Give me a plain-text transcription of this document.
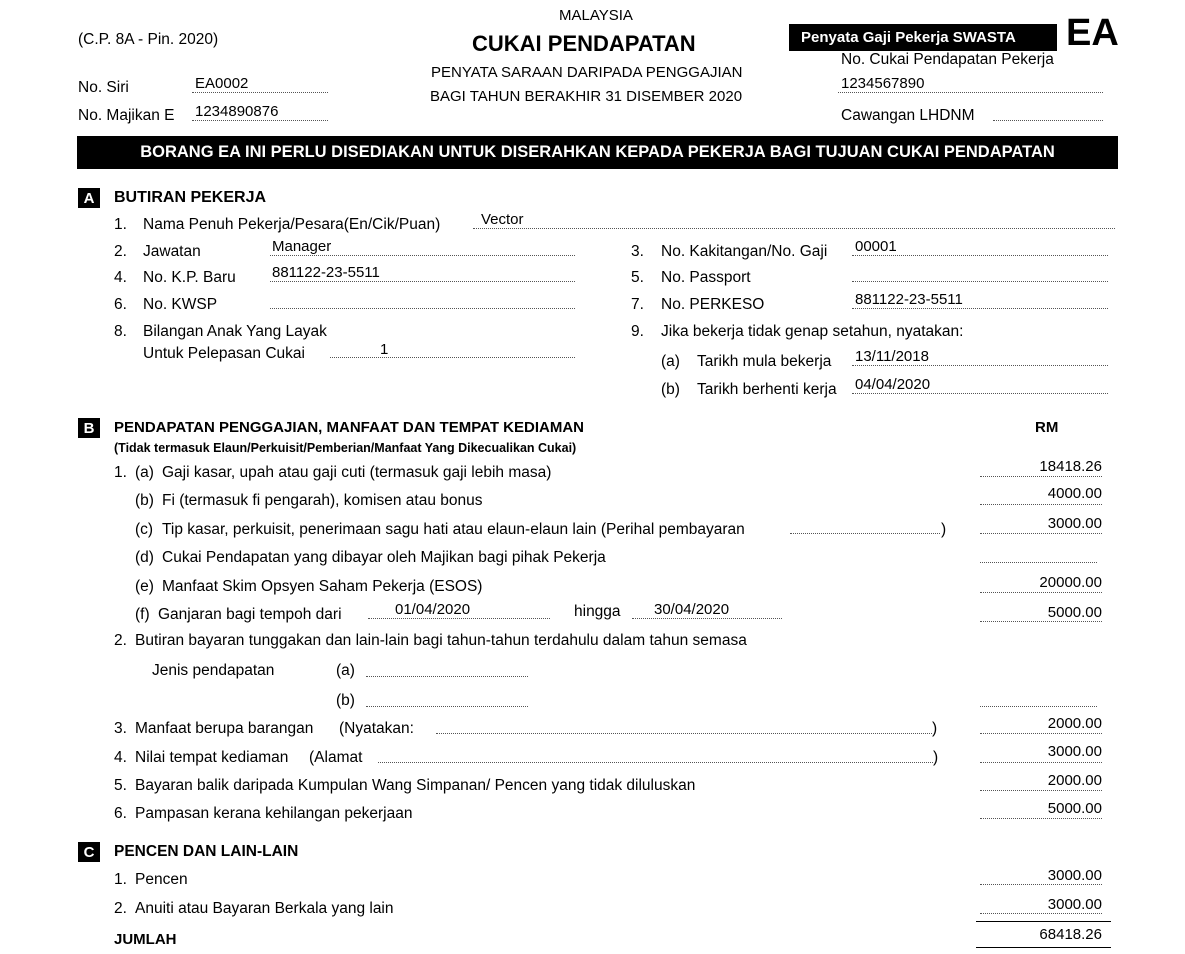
(C.P. 8A - Pin. 2020)
MALAYSIA
CUKAI PENDAPATAN
PENYATA SARAAN DARIPADA PENGGAJIAN
BAGI TAHUN BERAKHIR 31 DISEMBER 2020
Penyata Gaji Pekerja SWASTA	EA
No. Siri	EA0002
No. Majikan E 1234890876
No. Cukai Pendapatan Pekerja
1234567890
Cawangan LHDNM
BORANG EA INI PERLU DISEDIAKAN UNTUK DISERAHKAN KEPADA PEKERJA BAGI TUJUAN CUKAI PENDAPATAN
A	BUTIRAN PEKERJA
1. Nama Penuh Pekerja/Pesara(En/Cik/Puan)	Vector
2. Jawatan	Manager	3. No. Kakitangan/No. Gaji 00001
4. No. K.P. Baru 881122-23-5511	5. No. Passport
6. No. KWSP	7. No. PERKESO	881122-23-5511
8. Bilangan Anak Yang Layak
Untuk Pelepasan Cukai	1
9. Jika bekerja tidak genap setahun, nyatakan:
(a) Tarikh mula bekerja 13/11/2018
(b) Tarikh berhenti kerja 04/04/2020
B	PENDAPATAN PENGGAJIAN, MANFAAT DAN TEMPAT KEDIAMAN
(Tidak termasuk Elaun/Perkuisit/Pemberian/Manfaat Yang Dikecualikan Cukai)
RM
1. (a) Gaji kasar, upah atau gaji cuti (termasuk gaji lebih masa)	18418.26
(b) Fi (termasuk fi pengarah), komisen atau bonus	4000.00
(c) Tip kasar, perkuisit, penerimaan sagu hati atau elaun-elaun lain (Perihal pembayaran	)	3000.00
(d) Cukai Pendapatan yang dibayar oleh Majikan bagi pihak Pekerja
(e) Manfaat Skim Opsyen Saham Pekerja (ESOS)	20000.00
(f) Ganjaran bagi tempoh dari	01/04/2020	hingga 30/04/2020	5000.00
2. Butiran bayaran tunggakan dan lain-lain bagi tahun-tahun terdahulu dalam tahun semasa
Jenis pendapatan	(a)
(b)
3. Manfaat berupa barangan (Nyatakan:	)	2000.00
4. Nilai tempat kediaman (Alamat	)	3000.00
5. Bayaran balik daripada Kumpulan Wang Simpanan/ Pencen yang tidak diluluskan	2000.00
6. Pampasan kerana kehilangan pekerjaan	5000.00
C	PENCEN DAN LAIN-LAIN
1. Pencen	3000.00
2. Anuiti atau Bayaran Berkala yang lain	3000.00
JUMLAH	68418.26
